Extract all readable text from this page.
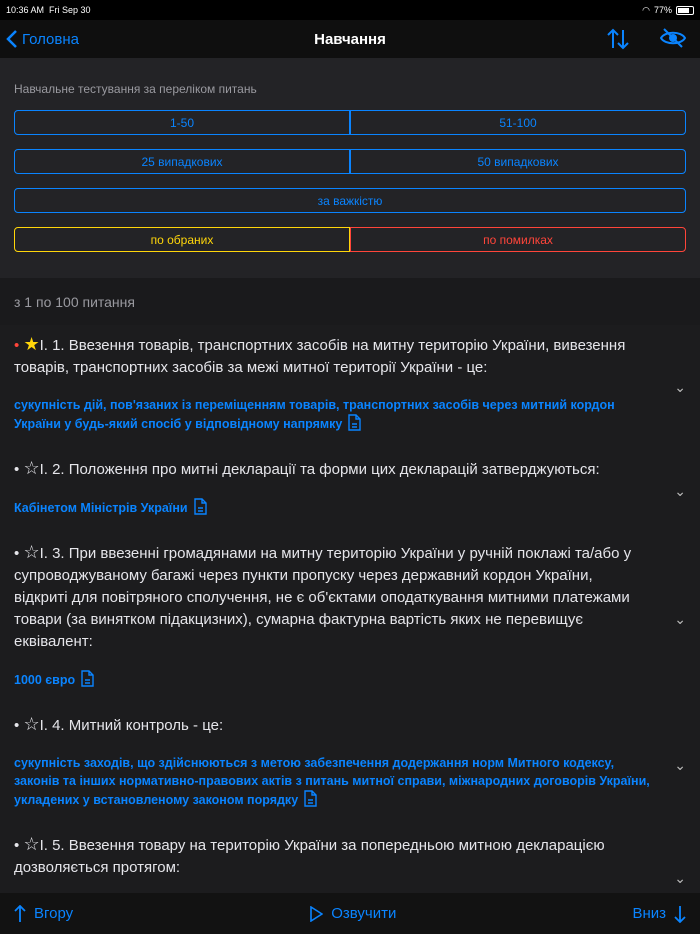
10:36 AM Fri Sep 30	◠ 77%
Головна	Навчання
Навчальне тестування за переліком питань
1-50	51-100
25 випадкових	50 випадкових
за важкістю
по обраних	по помилках
з 1 по 100 питання
• ★I. 1. Ввезення товарів, транспортних засобів на митну територію України, вивезення товарів, транспортних засобів за межі митної території України - це:
⌄
сукупність дій, пов'язаних із переміщенням товарів, транспортних засобів через митний кордон України у будь-який спосіб у відповідному напрямку
• ☆I. 2. Положення про митні декларації та форми цих декларацій затверджуються:
⌄
Кабінетом Міністрів України
• ☆I. 3. При ввезенні громадянами на митну територію України у ручній поклажі та/або у супроводжуваному багажі через пункти пропуску через державний кордон України, відкриті для повітряного сполучення, не є об'єктами оподаткування митними платежами товари (за винятком підакцизних), сумарна фактурна вартість яких не перевищує еквівалент:
⌄
1000 євро
• ☆I. 4. Митний контроль - це:
⌄
сукупність заходів, що здійснюються з метою забезпечення додержання норм Митного кодексу, законів та інших нормативно-правових актів з питань митної справи, міжнародних договорів України, укладених у встановленому законом порядку
• ☆I. 5. Ввезення товару на територію України за попередньою митною декларацією дозволяється протягом:
⌄
Вгору	Озвучити	Вниз
